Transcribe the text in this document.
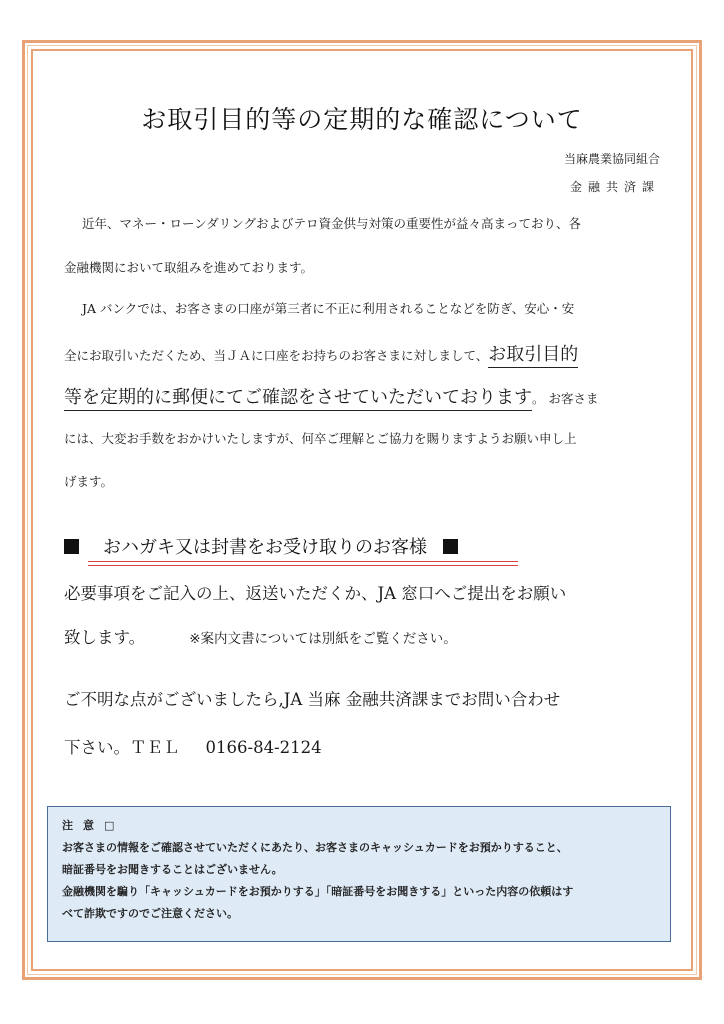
お取引目的等の定期的な確認について
当麻農業協同組合
金融共済課
近年、マネー・ローンダリングおよびテロ資金供与対策の重要性が益々高まっており、各
金融機関において取組みを進めております。
JA バンクでは、お客さまの口座が第三者に不正に利用されることなどを防ぎ、安心・安
全にお取引いただくため、当ＪＡに口座をお持ちのお客さまに対しまして、お取引目的
等を定期的に郵便にてご確認をさせていただいております。 お客さま
には、大変お手数をおかけいたしますが、何卒ご理解とご協力を賜りますようお願い申し上
げます。
おハガキ又は封書をお受け取りのお客様
必要事項をご記入の上、返送いただくか、JA 窓口へご提出をお願い
致します。	※案内文書については別紙をご覧ください。
ご不明な点がございましたら,JA 当麻 金融共済課までお問い合わせ
下さい。ＴＥＬ 0166-84-2124
注意□
お客さまの情報をご確認させていただくにあたり、お客さまのキャッシュカードをお預かりすること、
暗証番号をお聞きすることはございません。
金融機関を騙り「キャッシュカードをお預かりする」「暗証番号をお聞きする」といった内容の依頼はす
べて詐欺ですのでご注意ください。
